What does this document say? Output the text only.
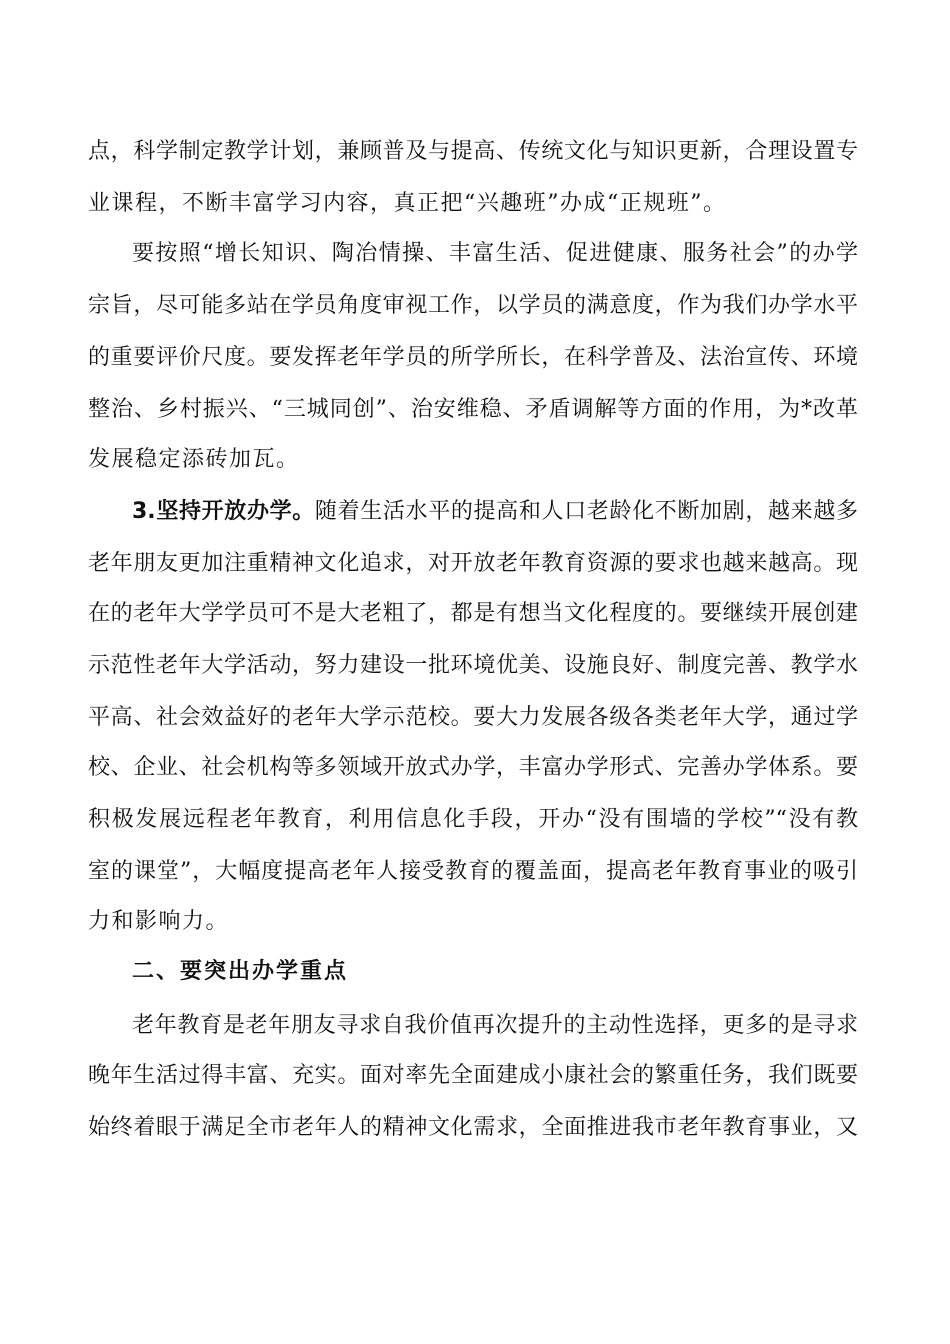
点，科学制定教学计划，兼顾普及与提高、传统文化与知识更新，合理设置专
业课程，不断丰富学习内容，真正把“兴趣班”办成“正规班”。
要按照“增长知识、陶冶情操、丰富生活、促进健康、服务社会”的办学
宗旨，尽可能多站在学员角度审视工作，以学员的满意度，作为我们办学水平
的重要评价尺度。要发挥老年学员的所学所长，在科学普及、法治宣传、环境
整治、乡村振兴、“三城同创”、治安维稳、矛盾调解等方面的作用，为*改革
发展稳定添砖加瓦。
3.坚持开放办学。随着生活水平的提高和人口老龄化不断加剧，越来越多
老年朋友更加注重精神文化追求，对开放老年教育资源的要求也越来越高。现
在的老年大学学员可不是大老粗了，都是有想当文化程度的。要继续开展创建
示范性老年大学活动，努力建设一批环境优美、设施良好、制度完善、教学水
平高、社会效益好的老年大学示范校。要大力发展各级各类老年大学，通过学
校、企业、社会机构等多领域开放式办学，丰富办学形式、完善办学体系。要
积极发展远程老年教育，利用信息化手段，开办“没有围墙的学校”“没有教
室的课堂”，大幅度提高老年人接受教育的覆盖面，提高老年教育事业的吸引
力和影响力。
二、要突出办学重点
老年教育是老年朋友寻求自我价值再次提升的主动性选择，更多的是寻求
晚年生活过得丰富、充实。面对率先全面建成小康社会的繁重任务，我们既要
始终着眼于满足全市老年人的精神文化需求，全面推进我市老年教育事业，又
